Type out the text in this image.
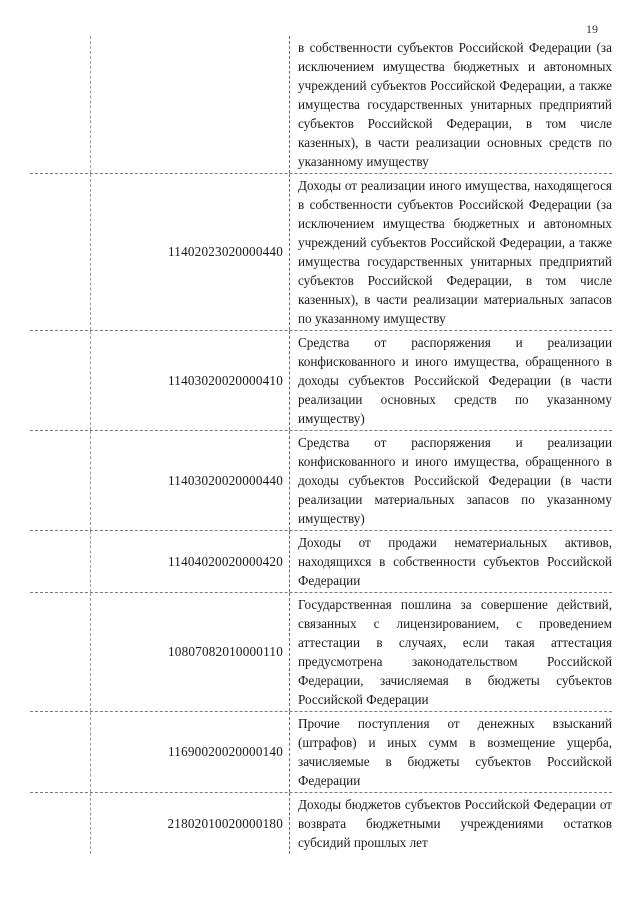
19
в собственности субъектов Российской Федерации (за исключением имущества бюджетных и автономных учреждений субъектов Российской Федерации, а также имущества государственных унитарных предприятий субъектов Российской Федерации, в том числе казенных), в части реализации основных средств по указанному имуществу
11402023020000440
Доходы от реализации иного имущества, находящегося в собственности субъектов Российской Федерации (за исключением имущества бюджетных и автономных учреждений субъектов Российской Федерации, а также имущества государственных унитарных предприятий субъектов Российской Федерации, в том числе казенных), в части реализации материальных запасов по указанному имуществу
11403020020000410
Средства от распоряжения и реализации конфискованного и иного имущества, обращенного в доходы субъектов Российской Федерации (в части реализации основных средств по указанному имуществу)
11403020020000440
Средства от распоряжения и реализации конфискованного и иного имущества, обращенного в доходы субъектов Российской Федерации (в части реализации материальных запасов по указанному имуществу)
11404020020000420
Доходы от продажи нематериальных активов, находящихся в собственности субъектов Российской Федерации
10807082010000110
Государственная пошлина за совершение действий, связанных с лицензированием, с проведением аттестации в случаях, если такая аттестация предусмотрена законодательством Российской Федерации, зачисляемая в бюджеты субъектов Российской Федерации
11690020020000140
Прочие поступления от денежных взысканий (штрафов) и иных сумм в возмещение ущерба, зачисляемые в бюджеты субъектов Российской Федерации
21802010020000180
Доходы бюджетов субъектов Российской Федерации от возврата бюджетными учреждениями остатков субсидий прошлых лет
